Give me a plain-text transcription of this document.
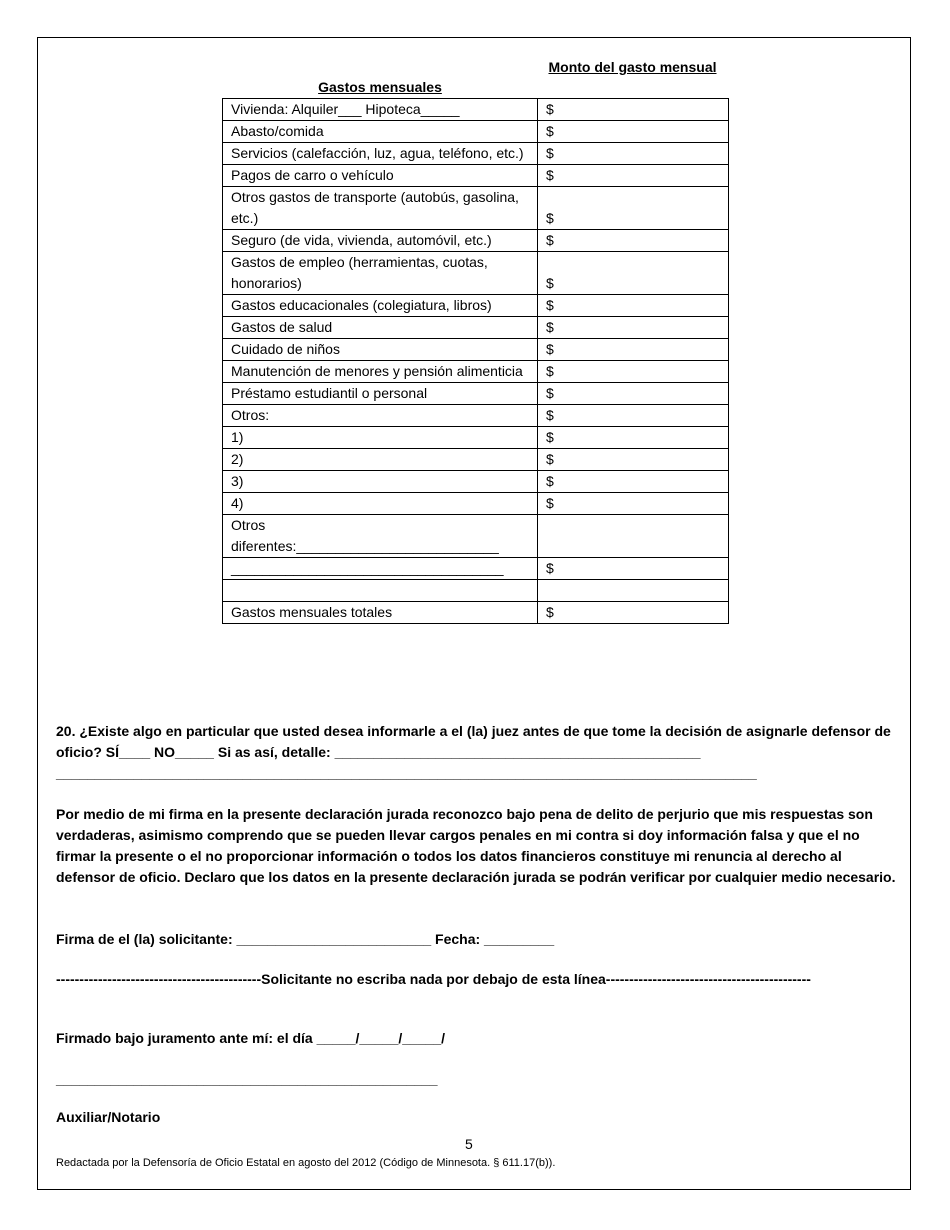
Gastos mensuales
Monto del gasto mensual
Vivienda: Alquiler___ Hipoteca_____	$
Abasto/comida	$
Servicios (calefacción, luz, agua, teléfono, etc.)	$
Pagos de carro o vehículo	$
Otros gastos de transporte (autobús, gasolina, etc.)	$
Seguro (de vida, vivienda, automóvil, etc.)	$
Gastos de empleo (herramientas, cuotas, honorarios)	$
Gastos educacionales (colegiatura, libros)	$
Gastos de salud	$
Cuidado de niños	$
Manutención de menores y pensión alimenticia	$
Préstamo estudiantil o personal	$
Otros:	$
1)	$
2)	$
3)	$
4)	$
Otros diferentes:__________________________	
___________________________________	$

Gastos mensuales totales	$
20. ¿Existe algo en particular que usted desea informarle a el (la) juez antes de que tome la decisión de asignarle defensor de oficio? SÍ____ NO_____ Si as así, detalle: _______________________________________________
__________________________________________________________________________________________
Por medio de mi firma en la presente declaración jurada reconozco bajo pena de delito de perjurio que mis respuestas son verdaderas, asimismo comprendo que se pueden llevar cargos penales en mi contra si doy información falsa y que el no firmar la presente o el no proporcionar información o todos los datos financieros constituye mi renuncia al derecho al defensor de oficio. Declaro que los datos en la presente declaración jurada se podrán verificar por cualquier medio necesario.
Firma de el (la) solicitante: _________________________ Fecha: _________
--------------------------------------------Solicitante no escriba nada por debajo de esta línea--------------------------------------------
Firmado bajo juramento ante mí: el día _____/_____/_____/
_________________________________________________
Auxiliar/Notario
5
Redactada por la Defensoría de Oficio Estatal en agosto del 2012 (Código de Minnesota. § 611.17(b)).
